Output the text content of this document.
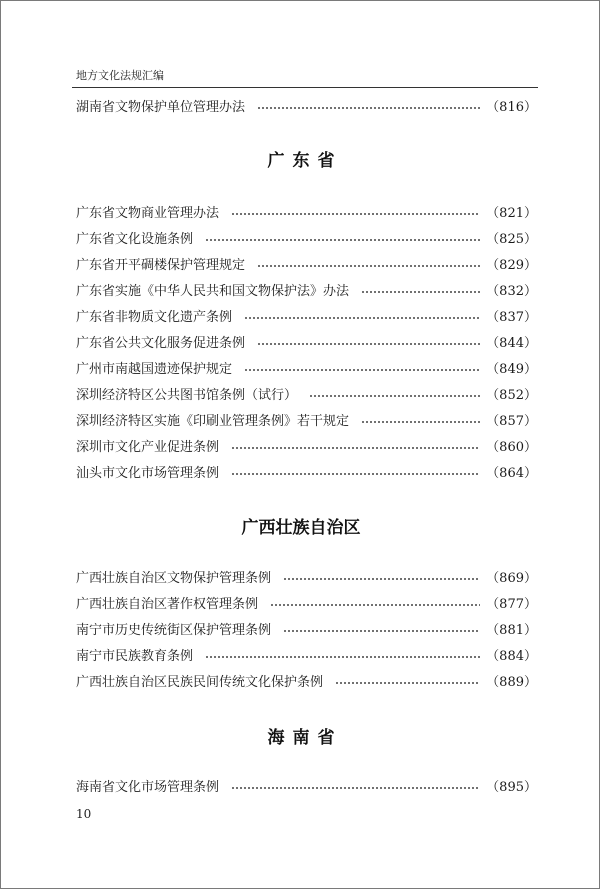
地方文化法规汇编
湖南省文物保护单位管理办法	（816）
广东省
广东省文物商业管理办法	（821）
广东省文化设施条例	（825）
广东省开平碉楼保护管理规定	（829）
广东省实施《中华人民共和国文物保护法》办法	（832）
广东省非物质文化遗产条例	（837）
广东省公共文化服务促进条例	（844）
广州市南越国遗迹保护规定	（849）
深圳经济特区公共图书馆条例（试行）	（852）
深圳经济特区实施《印刷业管理条例》若干规定	（857）
深圳市文化产业促进条例	（860）
汕头市文化市场管理条例	（864）
广西壮族自治区
广西壮族自治区文物保护管理条例	（869）
广西壮族自治区著作权管理条例	（877）
南宁市历史传统街区保护管理条例	（881）
南宁市民族教育条例	（884）
广西壮族自治区民族民间传统文化保护条例	（889）
海南省
海南省文化市场管理条例	（895）
10
